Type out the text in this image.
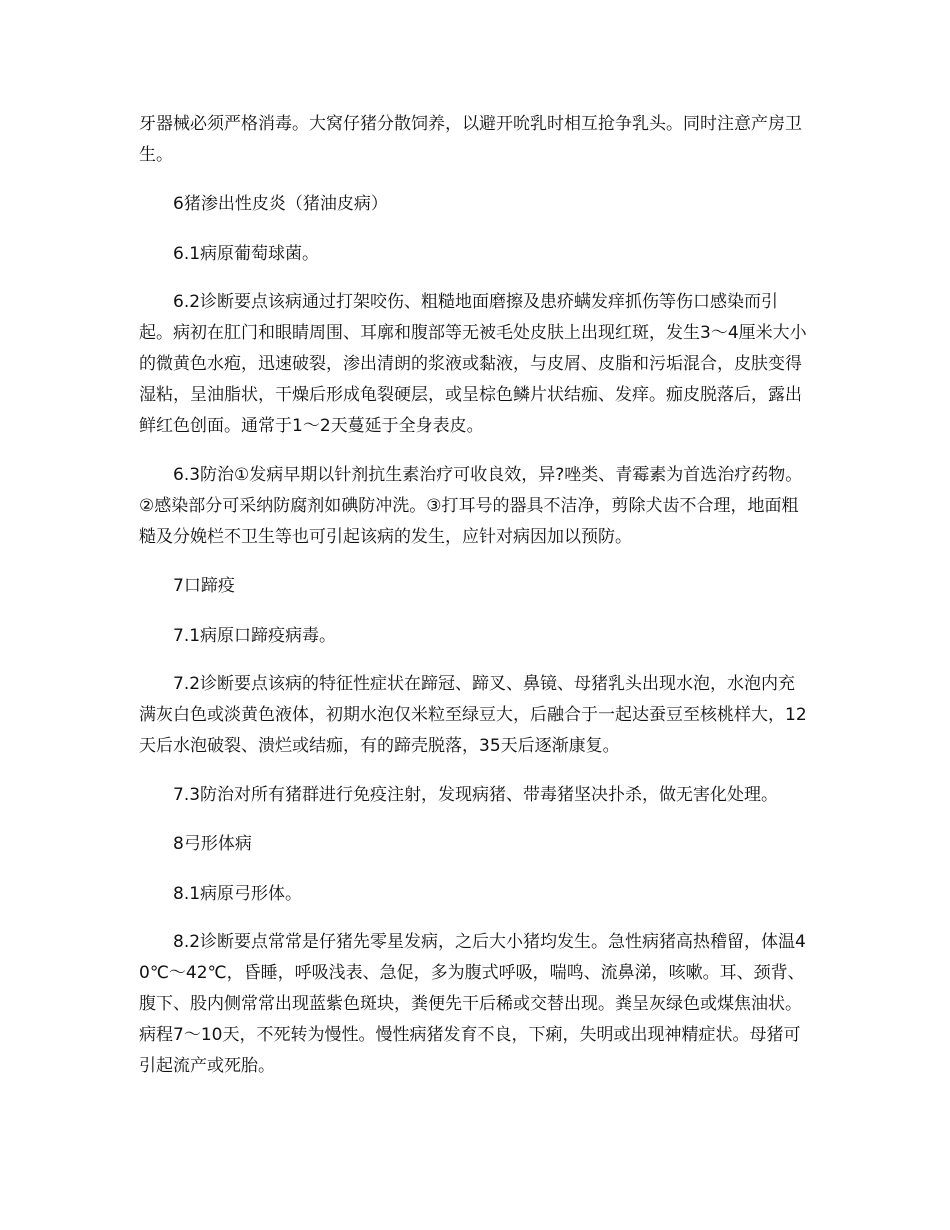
牙器械必须严格消毒。大窝仔猪分散饲养，以避开吮乳时相互抢争乳头。同时注意产房卫生。

6猪渗出性皮炎（猪油皮病）

6.1病原葡萄球菌。

6.2诊断要点该病通过打架咬伤、粗糙地面磨擦及患疥螨发痒抓伤等伤口感染而引起。病初在肛门和眼睛周围、耳廓和腹部等无被毛处皮肤上出现红斑，发生3～4厘米大小的微黄色水疱，迅速破裂，渗出清朗的浆液或黏液，与皮屑、皮脂和污垢混合，皮肤变得湿粘，呈油脂状，干燥后形成龟裂硬层，或呈棕色鳞片状结痂、发痒。痂皮脱落后，露出鲜红色创面。通常于1～2天蔓延于全身表皮。

6.3防治①发病早期以针剂抗生素治疗可收良效，异?唑类、青霉素为首选治疗药物。②感染部分可采纳防腐剂如碘防冲洗。③打耳号的器具不洁净，剪除犬齿不合理，地面粗糙及分娩栏不卫生等也可引起该病的发生，应针对病因加以预防。

7口蹄疫

7.1病原口蹄疫病毒。

7.2诊断要点该病的特征性症状在蹄冠、蹄叉、鼻镜、母猪乳头出现水泡，水泡内充满灰白色或淡黄色液体，初期水泡仅米粒至绿豆大，后融合于一起达蚕豆至核桃样大，12天后水泡破裂、溃烂或结痂，有的蹄壳脱落，35天后逐渐康复。

7.3防治对所有猪群进行免疫注射，发现病猪、带毒猪坚决扑杀，做无害化处理。

8弓形体病

8.1病原弓形体。

8.2诊断要点常常是仔猪先零星发病，之后大小猪均发生。急性病猪高热稽留，体温40℃～42℃，昏睡，呼吸浅表、急促，多为腹式呼吸，喘鸣、流鼻涕，咳嗽。耳、颈背、腹下、股内侧常常出现蓝紫色斑块，粪便先干后稀或交替出现。粪呈灰绿色或煤焦油状。病程7～10天，不死转为慢性。慢性病猪发育不良，下痢，失明或出现神精症状。母猪可引起流产或死胎。
